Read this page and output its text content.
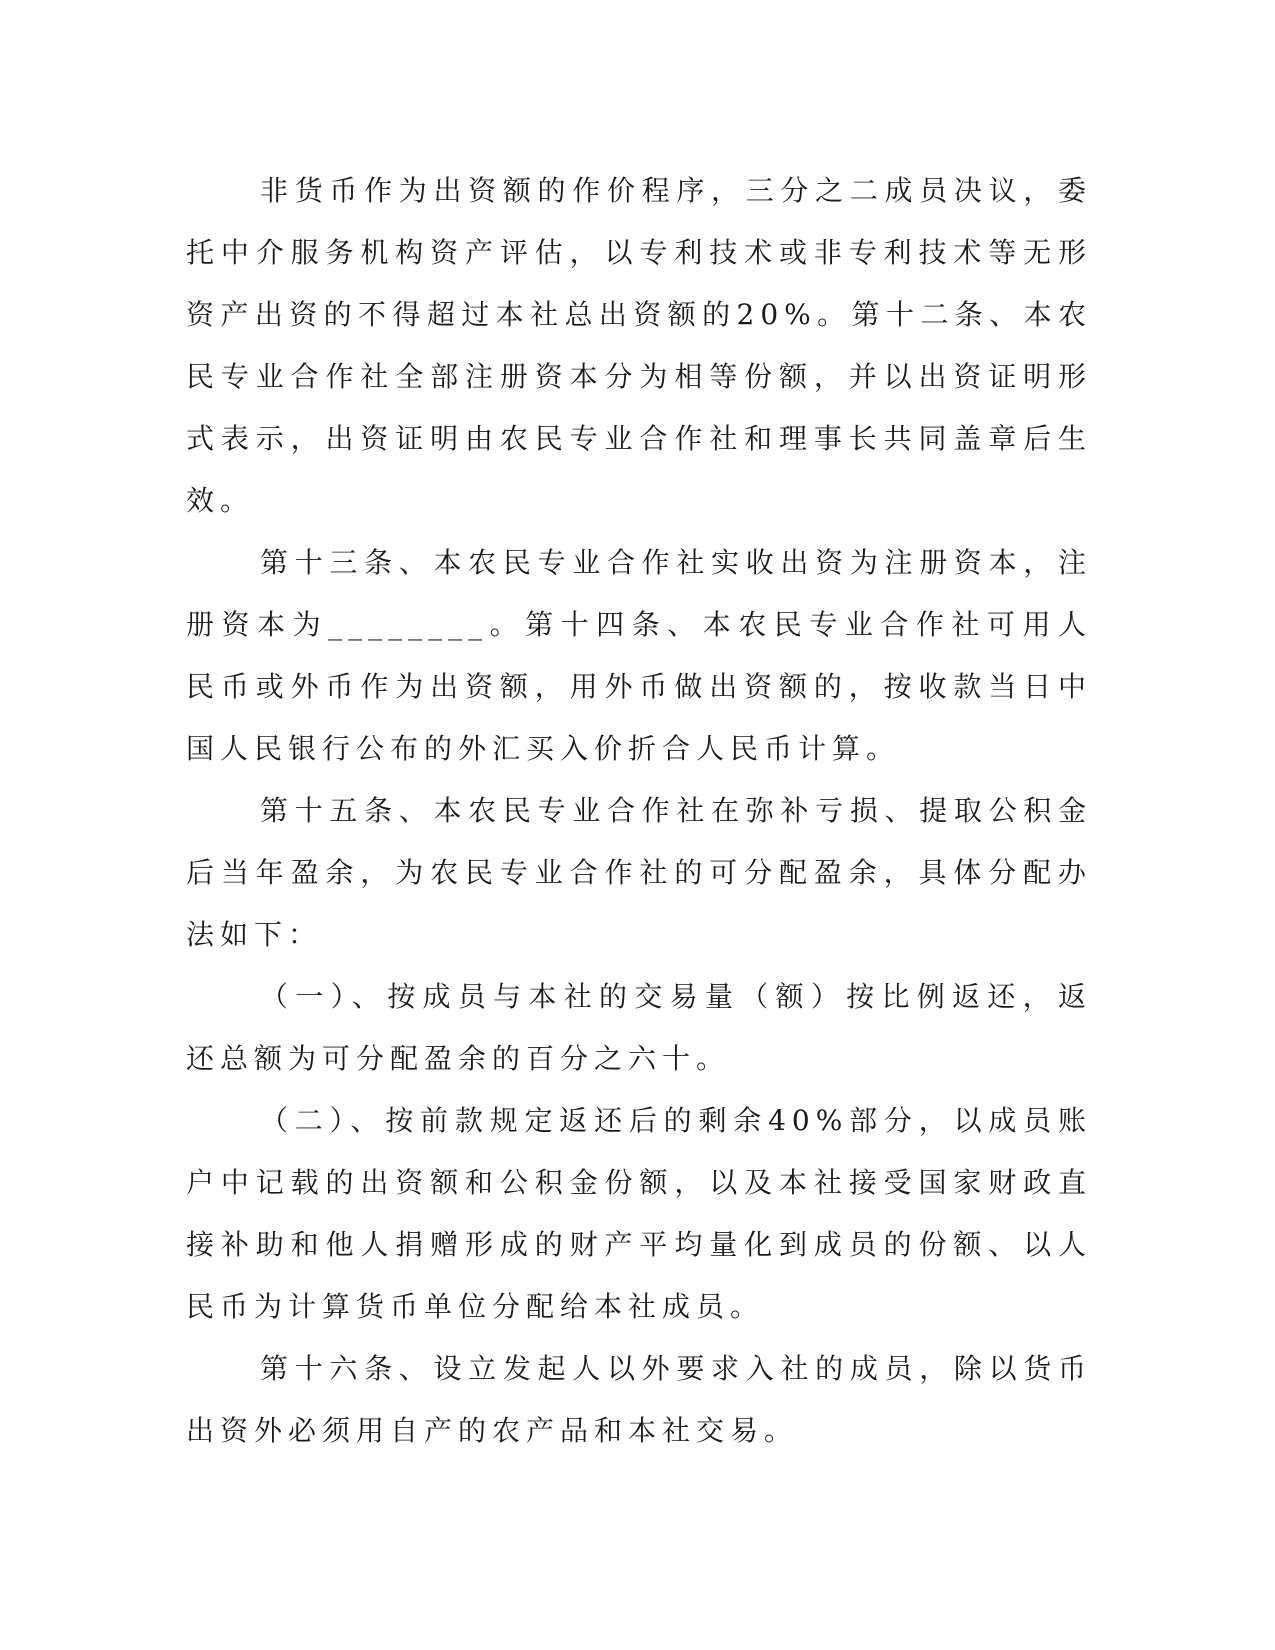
非货币作为出资额的作价程序，三分之二成员决议，委托中介服务机构资产评估，以专利技术或非专利技术等无形资产出资的不得超过本社总出资额的20%。第十二条、本农民专业合作社全部注册资本分为相等份额，并以出资证明形式表示，出资证明由农民专业合作社和理事长共同盖章后生效。

第十三条、本农民专业合作社实收出资为注册资本，注册资本为________。第十四条、本农民专业合作社可用人民币或外币作为出资额，用外币做出资额的，按收款当日中国人民银行公布的外汇买入价折合人民币计算。

第十五条、本农民专业合作社在弥补亏损、提取公积金后当年盈余，为农民专业合作社的可分配盈余，具体分配办法如下：

（一）、按成员与本社的交易量（额）按比例返还，返还总额为可分配盈余的百分之六十。

（二）、按前款规定返还后的剩余40%部分，以成员账户中记载的出资额和公积金份额，以及本社接受国家财政直接补助和他人捐赠形成的财产平均量化到成员的份额、以人民币为计算货币单位分配给本社成员。

第十六条、设立发起人以外要求入社的成员，除以货币出资外必须用自产的农产品和本社交易。
